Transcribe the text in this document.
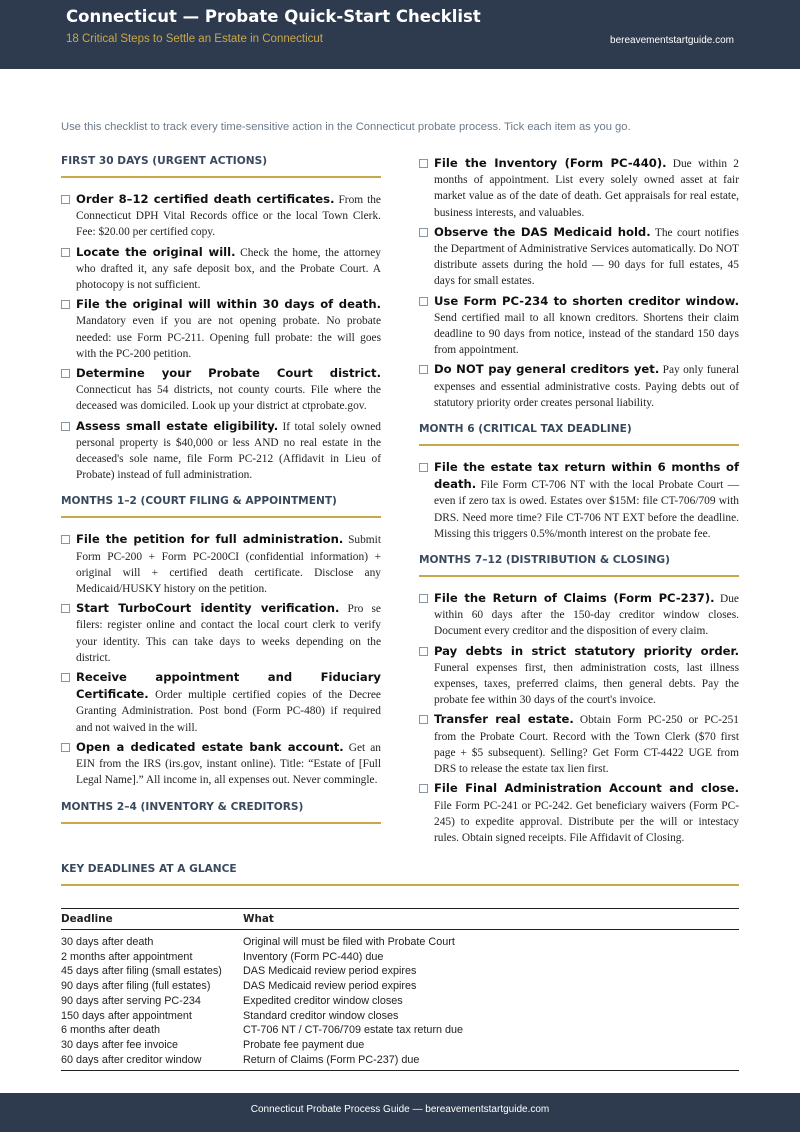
Connecticut — Probate Quick-Start Checklist
18 Critical Steps to Settle an Estate in Connecticut	bereavementstartguide.com
Use this checklist to track every time-sensitive action in the Connecticut probate process. Tick each item as you go.
FIRST 30 DAYS (URGENT ACTIONS)
Order 8–12 certified death certificates. From the Connecticut DPH Vital Records office or the local Town Clerk. Fee: $20.00 per certified copy.
Locate the original will. Check the home, the attorney who drafted it, any safe deposit box, and the Probate Court. A photocopy is not sufficient.
File the original will within 30 days of death. Mandatory even if you are not opening probate. No probate needed: use Form PC-211. Opening full probate: the will goes with the PC-200 petition.
Determine your Probate Court district. Connecticut has 54 districts, not county courts. File where the deceased was domiciled. Look up your district at ctprobate.gov.
Assess small estate eligibility. If total solely owned personal property is $40,000 or less AND no real estate in the deceased's sole name, file Form PC-212 (Affidavit in Lieu of Probate) instead of full administration.
MONTHS 1–2 (COURT FILING & APPOINTMENT)
File the petition for full administration. Submit Form PC-200 + Form PC-200CI (confidential information) + original will + certified death certificate. Disclose any Medicaid/HUSKY history on the petition.
Start TurboCourt identity verification. Pro se filers: register online and contact the local court clerk to verify your identity. This can take days to weeks depending on the district.
Receive appointment and Fiduciary Certificate. Order multiple certified copies of the Decree Granting Administration. Post bond (Form PC-480) if required and not waived in the will.
Open a dedicated estate bank account. Get an EIN from the IRS (irs.gov, instant online). Title: “Estate of [Full Legal Name].” All income in, all expenses out. Never commingle.
MONTHS 2–4 (INVENTORY & CREDITORS)
File the Inventory (Form PC-440). Due within 2 months of appointment. List every solely owned asset at fair market value as of the date of death. Get appraisals for real estate, business interests, and valuables.
Observe the DAS Medicaid hold. The court notifies the Department of Administrative Services automatically. Do NOT distribute assets during the hold — 90 days for full estates, 45 days for small estates.
Use Form PC-234 to shorten creditor window. Send certified mail to all known creditors. Shortens their claim deadline to 90 days from notice, instead of the standard 150 days from appointment.
Do NOT pay general creditors yet. Pay only funeral expenses and essential administrative costs. Paying debts out of statutory priority order creates personal liability.
MONTH 6 (CRITICAL TAX DEADLINE)
File the estate tax return within 6 months of death. File Form CT-706 NT with the local Probate Court — even if zero tax is owed. Estates over $15M: file CT-706/709 with DRS. Need more time? File CT-706 NT EXT before the deadline. Missing this triggers 0.5%/month interest on the probate fee.
MONTHS 7–12 (DISTRIBUTION & CLOSING)
File the Return of Claims (Form PC-237). Due within 60 days after the 150-day creditor window closes. Document every creditor and the disposition of every claim.
Pay debts in strict statutory priority order. Funeral expenses first, then administration costs, last illness expenses, taxes, preferred claims, then general debts. Pay the probate fee within 30 days of the court's invoice.
Transfer real estate. Obtain Form PC-250 or PC-251 from the Probate Court. Record with the Town Clerk ($70 first page + $5 subsequent). Selling? Get Form CT-4422 UGE from DRS to release the estate tax lien first.
File Final Administration Account and close. File Form PC-241 or PC-242. Get beneficiary waivers (Form PC-245) to expedite approval. Distribute per the will or intestacy rules. Obtain signed receipts. File Affidavit of Closing.
KEY DEADLINES AT A GLANCE
Deadline	What
30 days after death	Original will must be filed with Probate Court
2 months after appointment	Inventory (Form PC-440) due
45 days after filing (small estates)	DAS Medicaid review period expires
90 days after filing (full estates)	DAS Medicaid review period expires
90 days after serving PC-234	Expedited creditor window closes
150 days after appointment	Standard creditor window closes
6 months after death	CT-706 NT / CT-706/709 estate tax return due
30 days after fee invoice	Probate fee payment due
60 days after creditor window	Return of Claims (Form PC-237) due
Connecticut Probate Process Guide — bereavementstartguide.com
